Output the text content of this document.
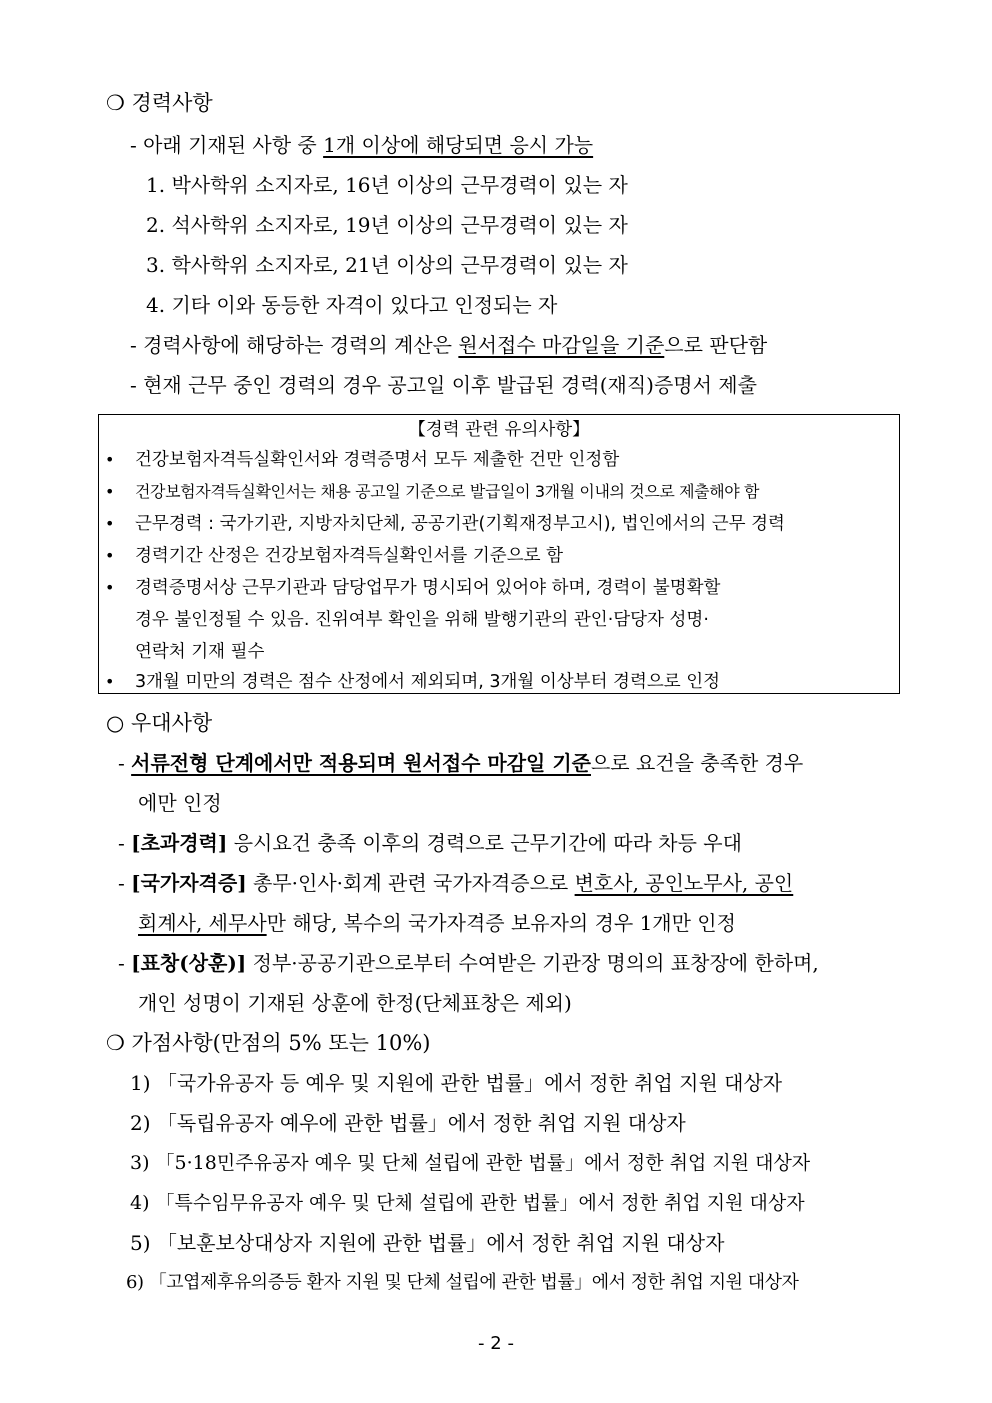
❍ 경력사항
- 아래 기재된 사항 중 1개 이상에 해당되면 응시 가능
1. 박사학위 소지자로, 16년 이상의 근무경력이 있는 자
2. 석사학위 소지자로, 19년 이상의 근무경력이 있는 자
3. 학사학위 소지자로, 21년 이상의 근무경력이 있는 자
4. 기타 이와 동등한 자격이 있다고 인정되는 자
- 경력사항에 해당하는 경력의 계산은 원서접수 마감일을 기준으로 판단함
- 현재 근무 중인 경력의 경우 공고일 이후 발급된 경력(재직)증명서 제출
【경력 관련 유의사항】
• 건강보험자격득실확인서와 경력증명서 모두 제출한 건만 인정함
• 건강보험자격득실확인서는 채용 공고일 기준으로 발급일이 3개월 이내의 것으로 제출해야 함
• 근무경력 : 국가기관, 지방자치단체, 공공기관(기획재정부고시), 법인에서의 근무 경력
• 경력기간 산정은 건강보험자격득실확인서를 기준으로 함
• 경력증명서상 근무기관과 담당업무가 명시되어 있어야 하며, 경력이 불명확할
경우 불인정될 수 있음. 진위여부 확인을 위해 발행기관의 관인·담당자 성명·
연락처 기재 필수
• 3개월 미만의 경력은 점수 산정에서 제외되며, 3개월 이상부터 경력으로 인정
○ 우대사항
- 서류전형 단계에서만 적용되며 원서접수 마감일 기준으로 요건을 충족한 경우
에만 인정
- [초과경력] 응시요건 충족 이후의 경력으로 근무기간에 따라 차등 우대
- [국가자격증] 총무·인사·회계 관련 국가자격증으로 변호사, 공인노무사, 공인
회계사, 세무사만 해당, 복수의 국가자격증 보유자의 경우 1개만 인정
- [표창(상훈)] 정부·공공기관으로부터 수여받은 기관장 명의의 표창장에 한하며,
개인 성명이 기재된 상훈에 한정(단체표창은 제외)
❍ 가점사항(만점의 5% 또는 10%)
1) 「국가유공자 등 예우 및 지원에 관한 법률」에서 정한 취업 지원 대상자
2) 「독립유공자 예우에 관한 법률」에서 정한 취업 지원 대상자
3) 「5·18민주유공자 예우 및 단체 설립에 관한 법률」에서 정한 취업 지원 대상자
4) 「특수임무유공자 예우 및 단체 설립에 관한 법률」에서 정한 취업 지원 대상자
5) 「보훈보상대상자 지원에 관한 법률」에서 정한 취업 지원 대상자
6) 「고엽제후유의증등 환자 지원 및 단체 설립에 관한 법률」에서 정한 취업 지원 대상자
- 2 -
